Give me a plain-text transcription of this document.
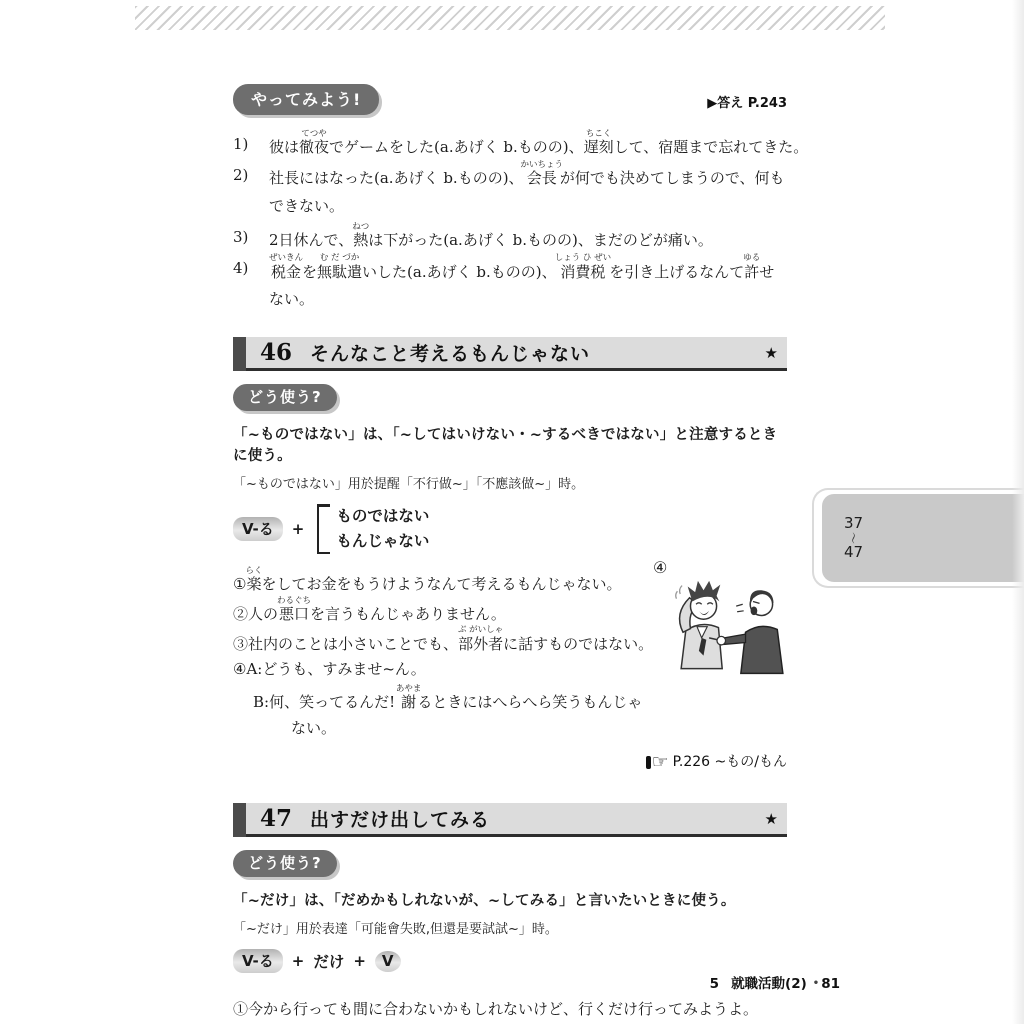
やってみよう!	▶答え P.243
1)	彼は徹夜てつやでゲームをした(a.あげく b.ものの)、遅刻ちこくして、宿題まで忘れてきた。
2)	社長にはなった(a.あげく b.ものの)、会長かいちょうが何でも決めてしまうので、何も
できない。
3)	2日休んで、熱ねつは下がった(a.あげく b.ものの)、まだのどが痛い。
4)	税金ぜいきんを無駄遣む だ づかいした(a.あげく b.ものの)、消費税しょう ひ ぜいを引き上げるなんて許ゆるせ
ない。
46 そんなこと考えるもんじゃない	★
どう使う?
「~ものではない」は、「~してはいけない・~するべきではない」と注意するときに使う。
「~ものではない」用於提醒「不行做~」「不應該做~」時。
V-る	+
ものではない
もんじゃない
①楽らくをしてお金をもうけようなんて考えるもんじゃない。
②人の悪口わるぐちを言うもんじゃありません。
③社内のことは小さいことでも、部外者ぶ がいしゃに話すものではない。
④A:どうも、すみませ~ん。
B:何、笑ってるんだ! 謝あやまるときにはへらへら笑うもんじゃ
ない。
☞ P.226 ~もの/もん
47 出すだけ出してみる	★
どう使う?
「~だけ」は、「だめかもしれないが、~してみる」と言いたいときに使う。
「~だけ」用於表達「可能會失敗,但還是要試試~」時。
V-る	+ だけ +	V
①今から行っても間に合わないかもしれないけど、行くだけ行ってみようよ。
④
37
〜
47
5 就職活動(2) • 81
